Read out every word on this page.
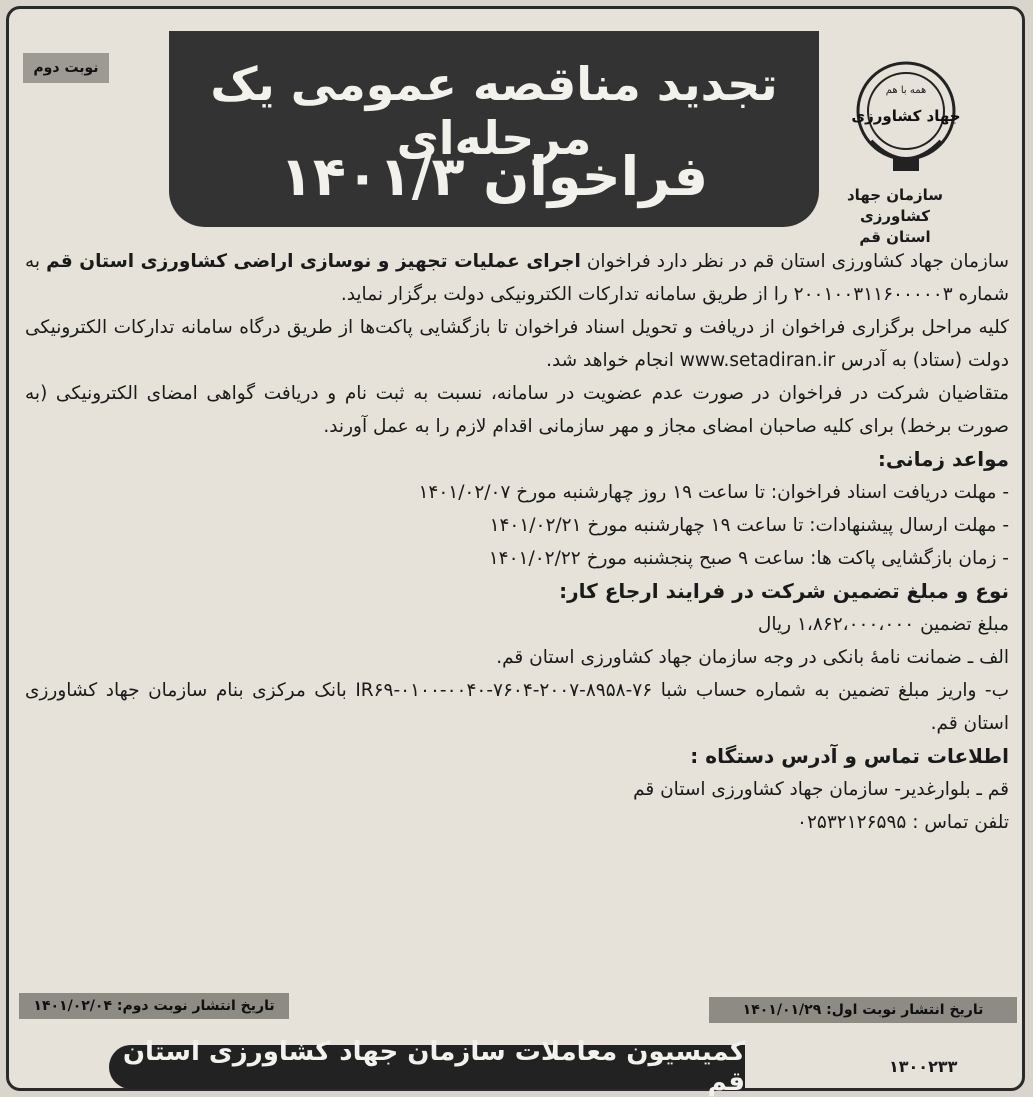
نوبت دوم	تجدید مناقصه عمومی یک مرحله‌ای
فراخوان ۱۴۰۱/۳
همه با هم
جهاد کشاورزی
سازمان جهاد کشاورزی
استان قم

سازمان جهاد کشاورزی استان قم در نظر دارد فراخوان اجرای عملیات تجهیز و نوسازی اراضی کشاورزی استان قم به شماره ۲۰۰۱۰۰۳۱۱۶۰۰۰۰۰۳ را از طریق سامانه تدارکات الکترونیکی دولت برگزار نماید.

کلیه مراحل برگزاری فراخوان از دریافت و تحویل اسناد فراخوان تا بازگشایی پاکت‌ها از طریق درگاه سامانه تدارکات الکترونیکی دولت (ستاد) به آدرس www.setadiran.ir انجام خواهد شد.

متقاضیان شرکت در فراخوان در صورت عدم عضویت در سامانه، نسبت به ثبت نام و دریافت گواهی امضای الکترونیکی (به صورت برخط) برای کلیه صاحبان امضای مجاز و مهر سازمانی اقدام لازم را به عمل آورند.

مواعد زمانی:

- مهلت دریافت اسناد فراخوان: تا ساعت ۱۹ روز چهارشنبه مورخ ۱۴۰۱/۰۲/۰۷

- مهلت ارسال پیشنهادات: تا ساعت ۱۹ چهارشنبه مورخ ۱۴۰۱/۰۲/۲۱

- زمان بازگشایی پاکت ها: ساعت ۹ صبح پنجشنبه مورخ ۱۴۰۱/۰۲/۲۲

نوع و مبلغ تضمین شرکت در فرایند ارجاع کار:

مبلغ تضمین ۱،۸۶۲،۰۰۰،۰۰۰ ریال

الف ـ ضمانت نامۀ بانکی در وجه سازمان جهاد کشاورزی استان قم.

ب- واریز مبلغ تضمین به شماره حساب شبا IR۶۹-۰۱۰۰-۰۰۴۰-۷۶۰۴-۲۰۰۷-۸۹۵۸-۷۶ بانک مرکزی بنام سازمان جهاد کشاورزی استان قم.

اطلاعات تماس و آدرس دستگاه :

قم ـ بلوارغدیر- سازمان جهاد کشاورزی استان قم

تلفن تماس : ۰۲۵۳۲۱۲۶۵۹۵

تاریخ انتشار نوبت دوم: ۱۴۰۱/۰۲/۰۴	تاریخ انتشار نوبت اول: ۱۴۰۱/۰۱/۲۹
کمیسیون معاملات سازمان جهاد کشاورزی استان قم
۱۳۰۰۲۳۳
